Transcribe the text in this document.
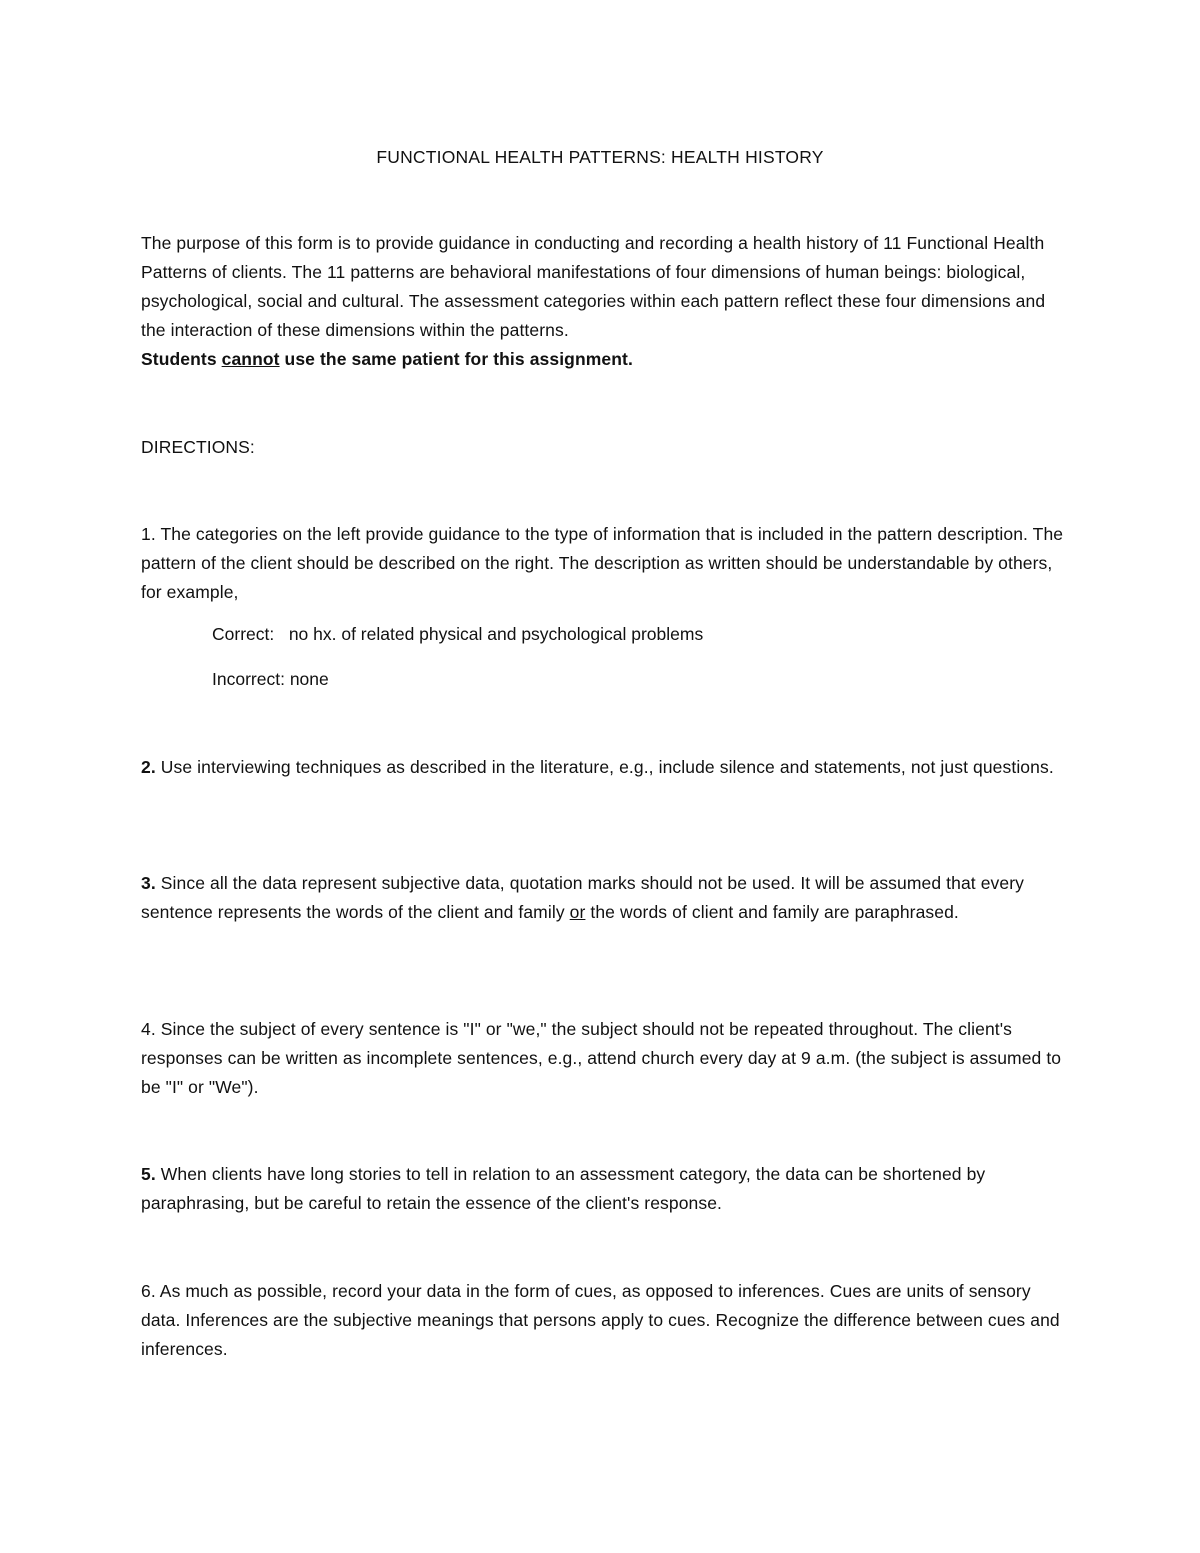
FUNCTIONAL HEALTH PATTERNS: HEALTH HISTORY

The purpose of this form is to provide guidance in conducting and recording a health history of 11 Functional Health Patterns of clients. The 11 patterns are behavioral manifestations of four dimensions of human beings: biological, psychological, social and cultural. The assessment categories within each pattern reflect these four dimensions and the interaction of these dimensions within the patterns.
Students cannot use the same patient for this assignment.

DIRECTIONS:

1. The categories on the left provide guidance to the type of information that is included in the pattern description. The pattern of the client should be described on the right. The description as written should be understandable by others, for example,

Correct:   no hx. of related physical and psychological problems

Incorrect: none

2. Use interviewing techniques as described in the literature, e.g., include silence and statements, not just questions.

3. Since all the data represent subjective data, quotation marks should not be used. It will be assumed that every sentence represents the words of the client and family or the words of client and family are paraphrased.

4. Since the subject of every sentence is "I" or "we," the subject should not be repeated throughout. The client's responses can be written as incomplete sentences, e.g., attend church every day at 9 a.m. (the subject is assumed to be "I" or "We").

5. When clients have long stories to tell in relation to an assessment category, the data can be shortened by paraphrasing, but be careful to retain the essence of the client's response.

6. As much as possible, record your data in the form of cues, as opposed to inferences. Cues are units of sensory data. Inferences are the subjective meanings that persons apply to cues. Recognize the difference between cues and inferences.
